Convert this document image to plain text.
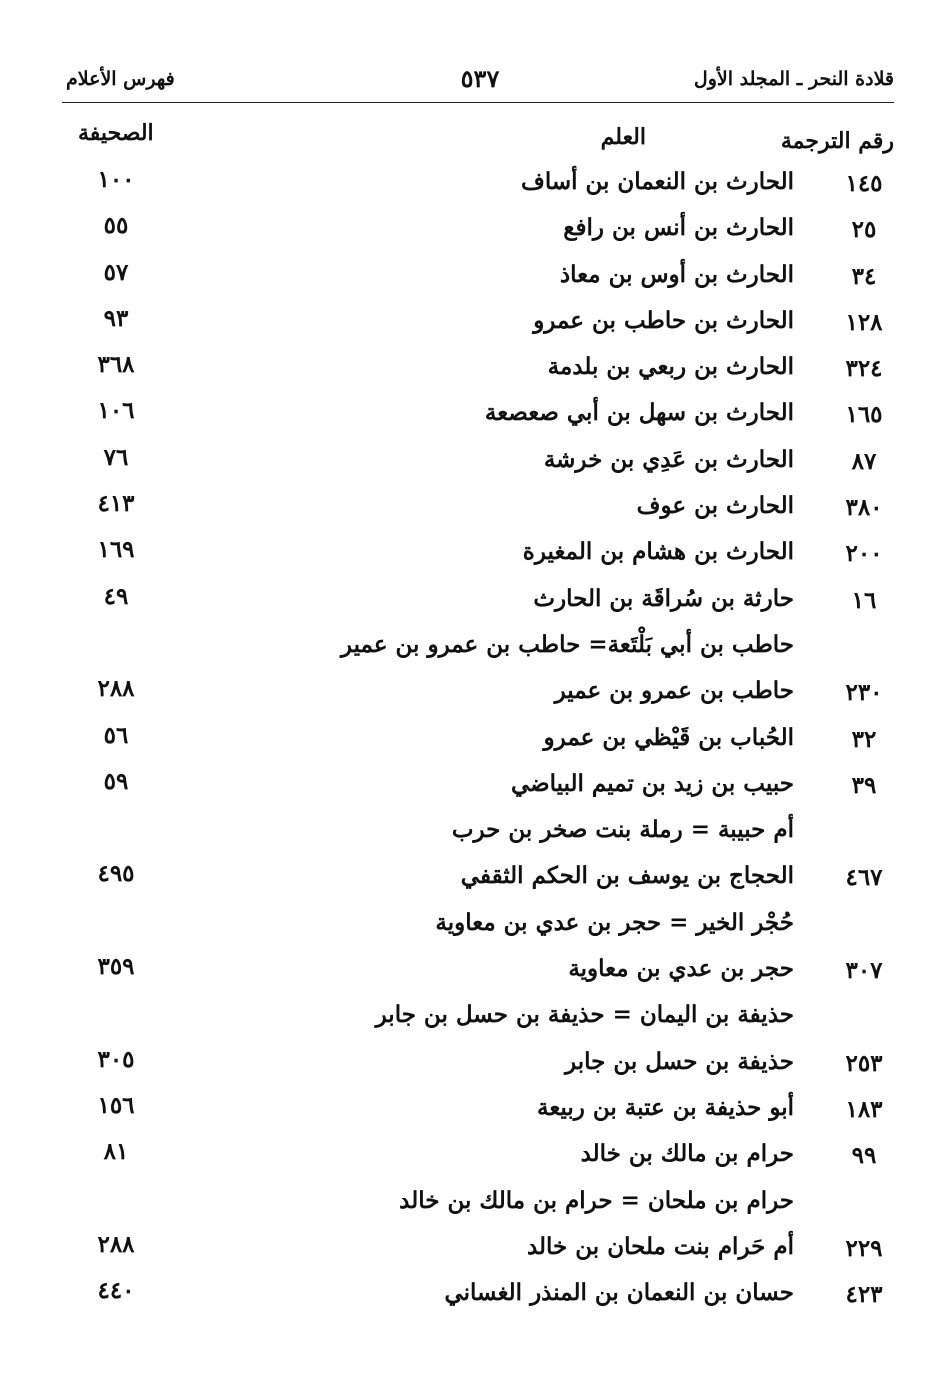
قلادة النحر ـ المجلد الأول
٥٣٧
فهرس الأعلام
رقم الترجمة
العلم
الصحيفة
١٤٥
الحارث بن النعمان بن أساف
١٠٠
٢٥
الحارث بن أنس بن رافع
٥٥
٣٤
الحارث بن أوس بن معاذ
٥٧
١٢٨
الحارث بن حاطب بن عمرو
٩٣
٣٢٤
الحارث بن ربعي بن بلدمة
٣٦٨
١٦٥
الحارث بن سهل بن أبي صعصعة
١٠٦
٨٧
الحارث بن عَدِي بن خرشة
٧٦
٣٨٠
الحارث بن عوف
٤١٣
٢٠٠
الحارث بن هشام بن المغيرة
١٦٩
١٦
حارثة بن سُراقَة بن الحارث
٤٩
حاطب بن أبي بَلْتَعة= حاطب بن عمرو بن عمير
٢٣٠
حاطب بن عمرو بن عمير
٢٨٨
٣٢
الحُباب بن قَيْظي بن عمرو
٥٦
٣٩
حبيب بن زيد بن تميم البياضي
٥٩
أم حبيبة = رملة بنت صخر بن حرب
٤٦٧
الحجاج بن يوسف بن الحكم الثقفي
٤٩٥
حُجْر الخير = حجر بن عدي بن معاوية
٣٠٧
حجر بن عدي بن معاوية
٣٥٩
حذيفة بن اليمان = حذيفة بن حسل بن جابر
٢٥٣
حذيفة بن حسل بن جابر
٣٠٥
١٨٣
أبو حذيفة بن عتبة بن ربيعة
١٥٦
٩٩
حرام بن مالك بن خالد
٨١
حرام بن ملحان = حرام بن مالك بن خالد
٢٢٩
أم حَرام بنت ملحان بن خالد
٢٨٨
٤٢٣
حسان بن النعمان بن المنذر الغساني
٤٤٠
